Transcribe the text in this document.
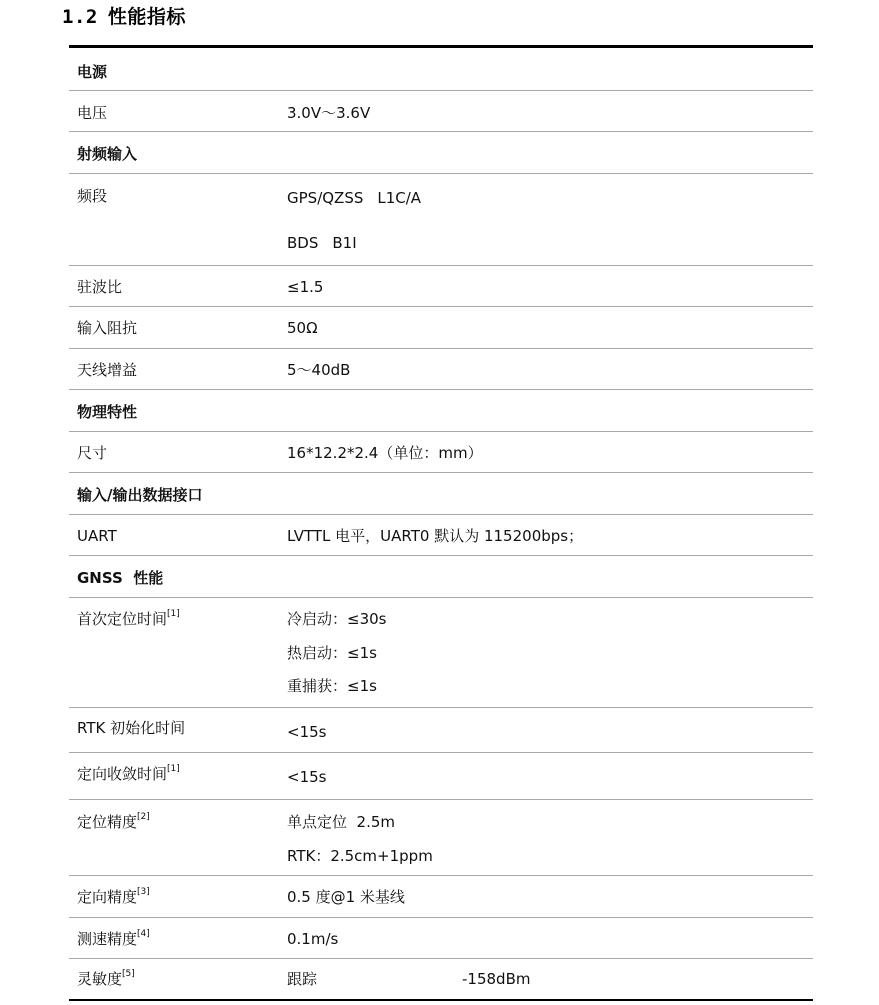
1.2 性能指标
电源
电压	3.0V～3.6V
射频输入
频段	GPS/QZSS L1C/A
BDS B1I
驻波比	≤1.5
输入阻抗	50Ω
天线增益	5～40dB
物理特性
尺寸	16*12.2*2.4（单位：mm）
输入/输出数据接口
UART	LVTTL 电平，UART0 默认为 115200bps；
GNSS  性能
首次定位时间[1]	冷启动：≤30s
热启动：≤1s
重捕获：≤1s
RTK 初始化时间	<15s
定向收敛时间[1]	<15s
定位精度[2]	单点定位  2.5m
RTK：2.5cm+1ppm
定向精度[3]	0.5 度@1 米基线
测速精度[4]	0.1m/s
灵敏度[5]	跟踪	-158dBm
